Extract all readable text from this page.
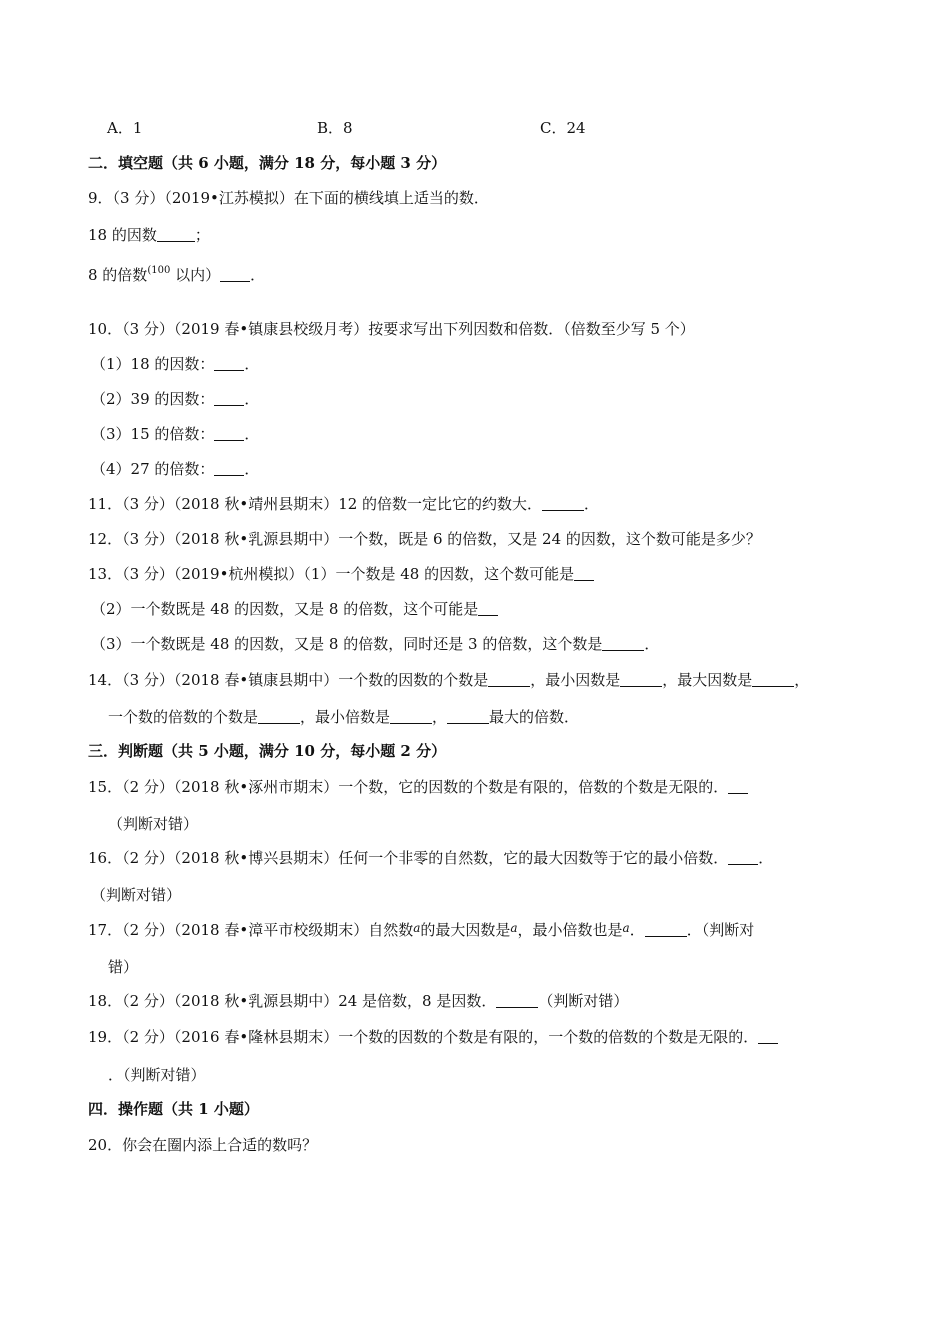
A．1	B．8	C．24
二．填空题（共 6 小题，满分 18 分，每小题 3 分）
9．（3 分）（2019•江苏模拟）在下面的横线填上适当的数．
18 的因数	；
8 的倍数$^{(100}$ 以内） ．
10．（3 分）（2019 春•镇康县校级月考）按要求写出下列因数和倍数．（倍数至少写 5 个）
（1）18 的因数： ．
（2）39 的因数： ．
（3）15 的倍数： ．
（4）27 的倍数： ．
11．（3 分）（2018 秋•靖州县期末）12 的倍数一定比它的约数大．	．
12．（3 分）（2018 秋•乳源县期中）一个数，既是 6 的倍数，又是 24 的因数，这个数可能是多少？
13．（3 分）（2019•杭州模拟）（1）一个数是 48 的因数，这个数可能是
（2）一个数既是 48 的因数，又是 8 的倍数，这个可能是
（3）一个数既是 48 的因数，又是 8 的倍数，同时还是 3 的倍数，这个数是	．
14．（3 分）（2018 春•镇康县期中）一个数的因数的个数是	，最小因数是	，最大因数是	，
一个数的倍数的个数是	，最小倍数是	，	最大的倍数．
三．判断题（共 5 小题，满分 10 分，每小题 2 分）
15．（2 分）（2018 秋•涿州市期末）一个数，它的因数的个数是有限的，倍数的个数是无限的．
（判断对错）
16．（2 分）（2018 秋•博兴县期末）任何一个非零的自然数，它的最大因数等于它的最小倍数． ．
（判断对错）
17．（2 分）（2018 春•漳平市校级期末）自然数$^a$的最大因数是$^a$，最小倍数也是$^a$．	．（判断对
错）
18．（2 分）（2018 秋•乳源县期中）24 是倍数，8 是因数．	（判断对错）
19．（2 分）（2016 春•隆林县期末）一个数的因数的个数是有限的，一个数的倍数的个数是无限的．
．（判断对错）
四．操作题（共 1 小题）
20．你会在圈内添上合适的数吗？
